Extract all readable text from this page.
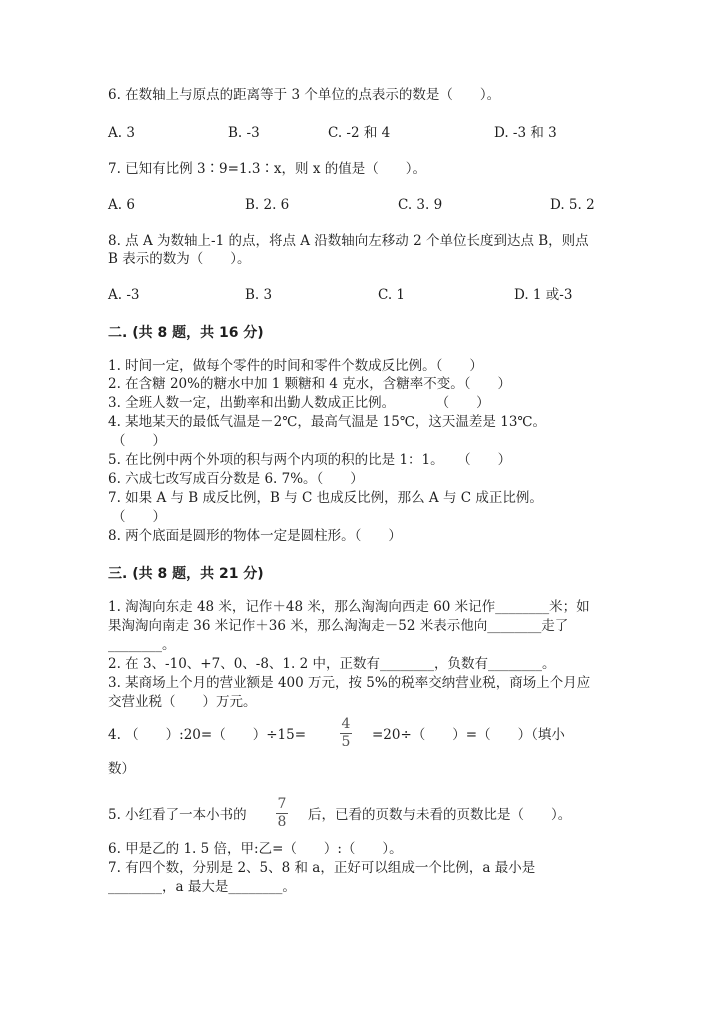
6. 在数轴上与原点的距离等于 3 个单位的点表示的数是（　　）。
A. 3	B. -3	C. -2 和 4	D. -3 和 3
7. 已知有比例 3∶9=1.3∶x，则 x 的值是（　　）。
A. 6	B. 2. 6	C. 3. 9	D. 5. 2
8. 点 A 为数轴上-1 的点，将点 A 沿数轴向左移动 2 个单位长度到达点 B，则点
B 表示的数为（　　）。
A. -3	B. 3	C. 1	D. 1 或-3
二. (共 8 题，共 16 分)
1. 时间一定，做每个零件的时间和零件个数成反比例。（　　）
2. 在含糖 20%的糖水中加 1 颗糖和 4 克水，含糖率不变。（　　）
3. 全班人数一定，出勤率和出勤人数成正比例。　　　　（　　）
4. 某地某天的最低气温是－2℃，最高气温是 15℃，这天温差是 13℃。
（　　）
5. 在比例中两个外项的积与两个内项的积的比是 1：1。　　（　　）
6. 六成七改写成百分数是 6. 7%。（　　）
7. 如果 A 与 B 成反比例，B 与 C 也成反比例，那么 A 与 C 成正比例。
（　　）
8. 两个底面是圆形的物体一定是圆柱形。（　　）
三. (共 8 题，共 21 分)
1. 淘淘向东走 48 米，记作＋48 米，那么淘淘向西走 60 米记作________米；如
果淘淘向南走 36 米记作＋36 米，那么淘淘走－52 米表示他向________走了
________。
2. 在 3、-10、+7、0、-8、1. 2 中，正数有________，负数有________。
3. 某商场上个月的营业额是 400 万元，按 5%的税率交纳营业税，商场上个月应
交营业税（　　）万元。
4. （　　）:20=（　　）÷15=
4
5 =20÷（　　）=（　　）（填小
数）
5. 小红看了一本小书的
7
8 后，已看的页数与未看的页数比是（　　）。
6. 甲是乙的 1. 5 倍，甲:乙=（　　）:（　　）。
7. 有四个数，分别是 2、5、8 和 a，正好可以组成一个比例，a 最小是
________，a 最大是________。
